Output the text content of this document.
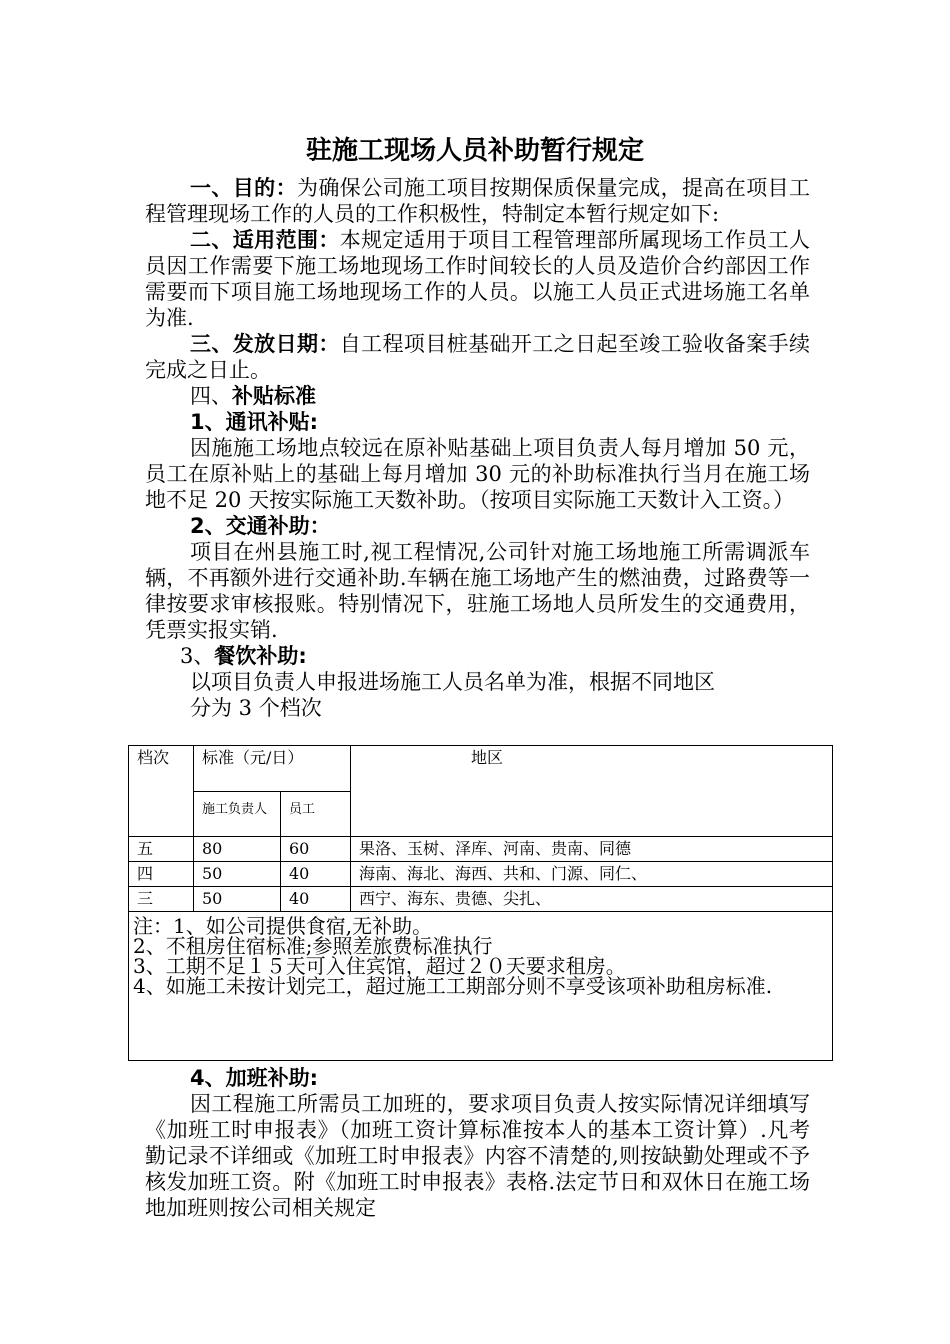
驻施工现场人员补助暂行规定

一、目的：为确保公司施工项目按期保质保量完成，提高在项目工程管理现场工作的人员的工作积极性，特制定本暂行规定如下:

二、适用范围：本规定适用于项目工程管理部所属现场工作员工人员因工作需要下施工场地现场工作时间较长的人员及造价合约部因工作需要而下项目施工场地现场工作的人员。以施工人员正式进场施工名单为准.

三、发放日期：自工程项目桩基础开工之日起至竣工验收备案手续完成之日止。

四、补贴标准

1、通讯补贴:

因施施工场地点较远在原补贴基础上项目负责人每月增加 50 元，员工在原补贴上的基础上每月增加 30 元的补助标准执行当月在施工场地不足 20 天按实际施工天数补助。（按项目实际施工天数计入工资。）

2、交通补助：

项目在州县施工时,视工程情况,公司针对施工场地施工所需调派车辆，不再额外进行交通补助.车辆在施工场地产生的燃油费，过路费等一律按要求审核报账。特别情况下，驻施工场地人员所发生的交通费用，凭票实报实销.

3、餐饮补助:

以项目负责人申报进场施工人员名单为准，根据不同地区

分为 3 个档次

档次	标准（元/日）		地区
	施工负责人	员工	
五	80	60	果洛、玉树、泽库、河南、贵南、同德
四	50	40	海南、海北、海西、共和、门源、同仁、
三	50	40	西宁、海东、贵德、尖扎、

注：1、如公司提供食宿,无补助。
2、不租房住宿标准;参照差旅费标准执行
3、工期不足１５天可入住宾馆，超过２０天要求租房。
4、如施工未按计划完工，超过施工工期部分则不享受该项补助租房标准.			

4、加班补助:

因工程施工所需员工加班的，要求项目负责人按实际情况详细填写《加班工时申报表》（加班工资计算标准按本人的基本工资计算）.凡考勤记录不详细或《加班工时申报表》内容不清楚的,则按缺勤处理或不予核发加班工资。附《加班工时申报表》表格.法定节日和双休日在施工场地加班则按公司相关规定
